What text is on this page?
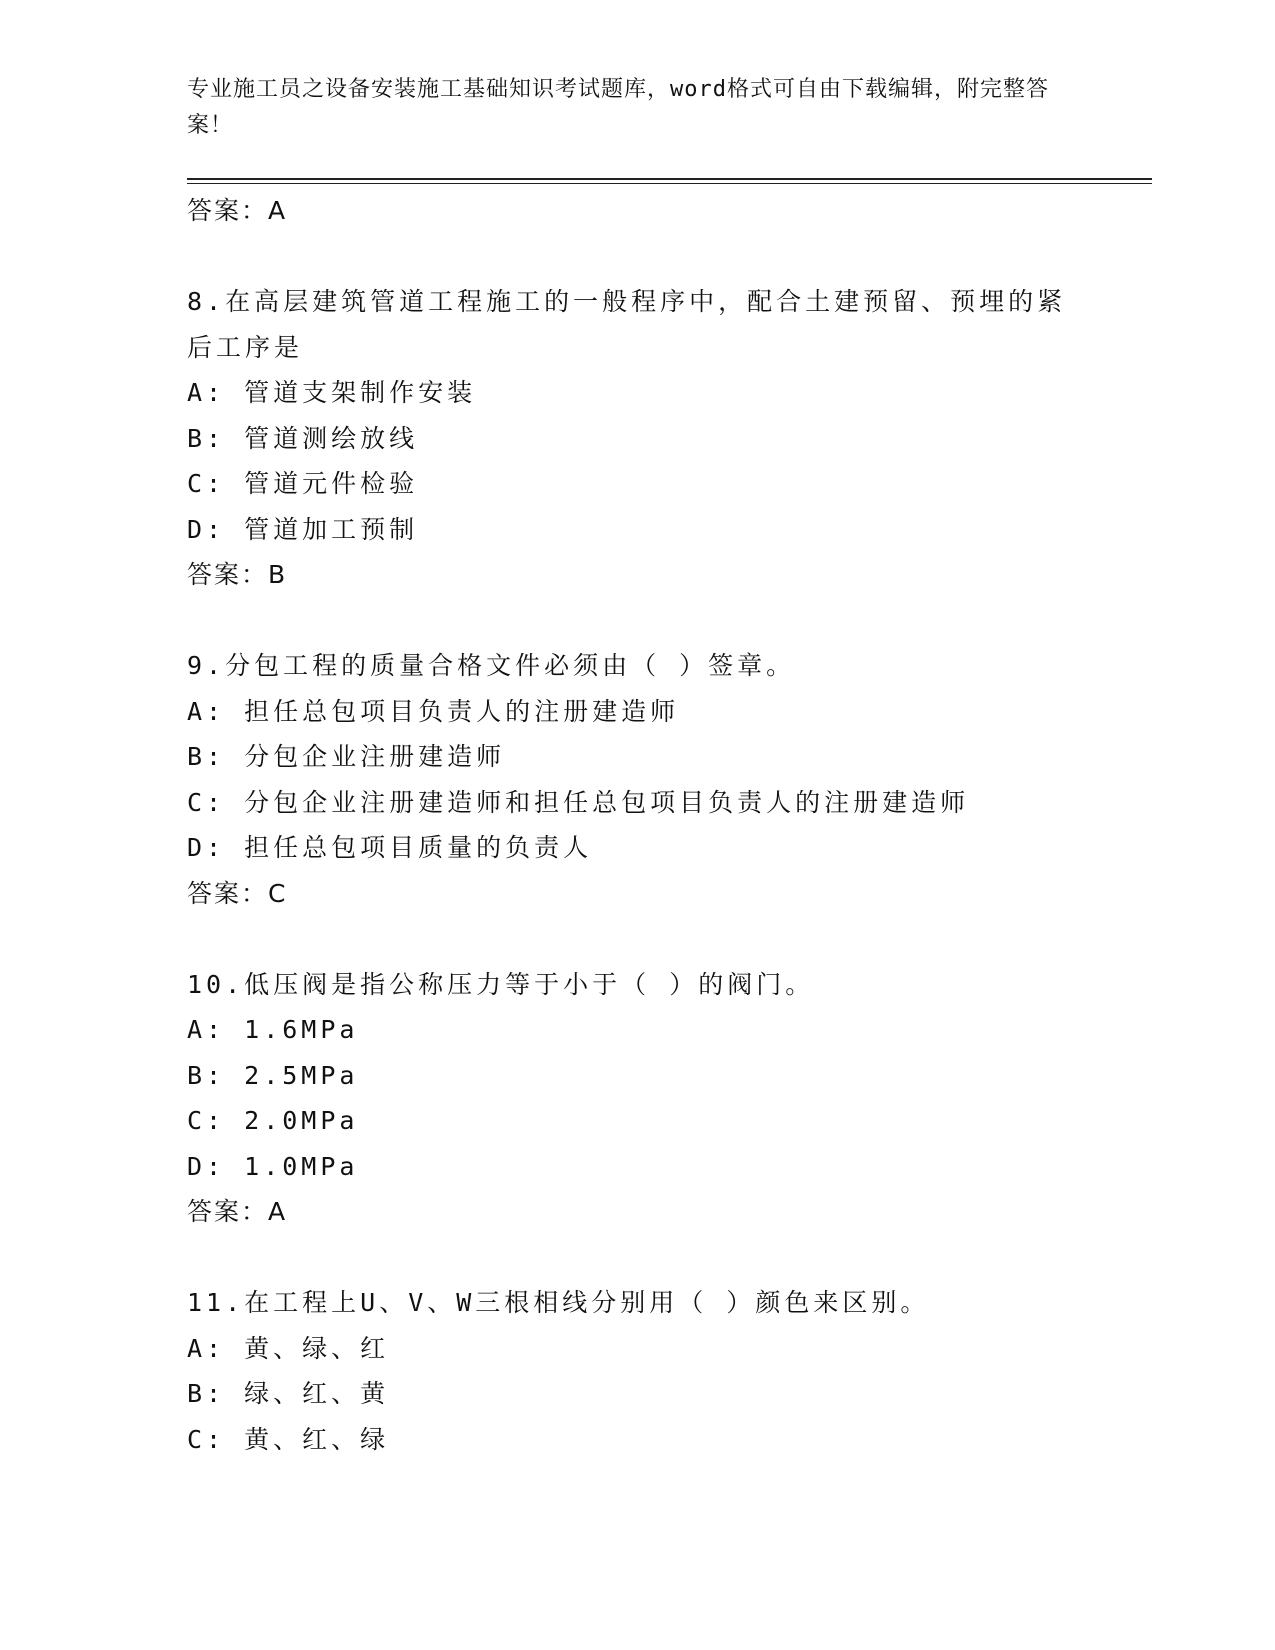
专业施工员之设备安装施工基础知识考试题库，word格式可自由下载编辑，附完整答案！
答案：A
8.在高层建筑管道工程施工的一般程序中，配合土建预留、预埋的紧后工序是
A: 管道支架制作安装
B: 管道测绘放线
C: 管道元件检验
D: 管道加工预制
答案：B
9.分包工程的质量合格文件必须由（ ）签章。
A: 担任总包项目负责人的注册建造师
B: 分包企业注册建造师
C: 分包企业注册建造师和担任总包项目负责人的注册建造师
D: 担任总包项目质量的负责人
答案：C
10.低压阀是指公称压力等于小于（ ）的阀门。
A: 1.6MPa
B: 2.5MPa
C: 2.0MPa
D: 1.0MPa
答案：A
11.在工程上U、V、W三根相线分别用（ ）颜色来区别。
A: 黄、绿、红
B: 绿、红、黄
C: 黄、红、绿
